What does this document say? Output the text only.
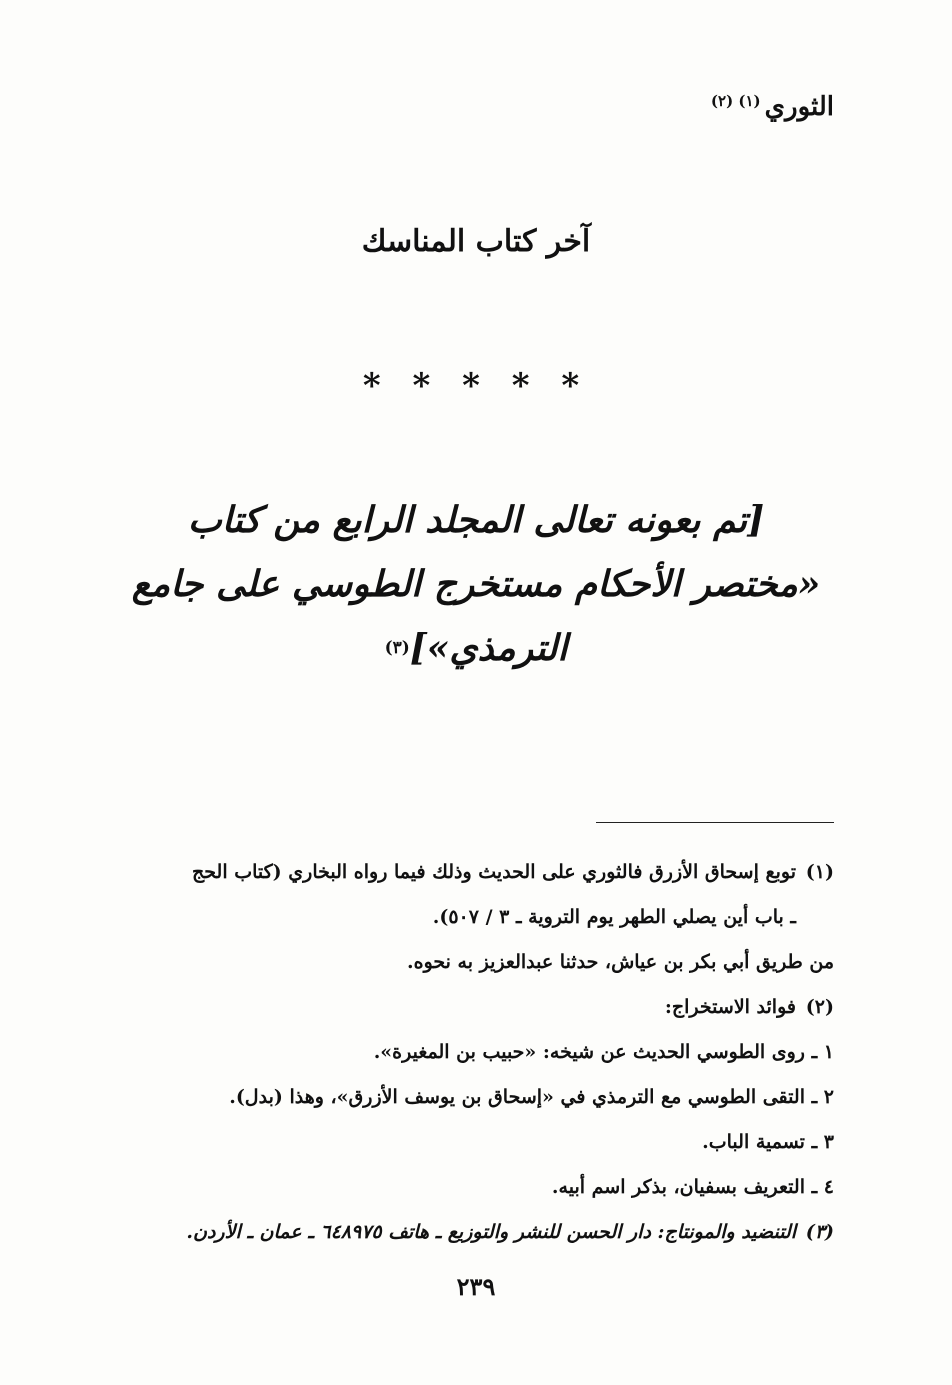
الثوري$^{(١) (٢)}$
آخر كتاب المناسك
* * * * *
[تم بعونه تعالى المجلد الرابع من كتاب
«مختصر الأحكام مستخرج الطوسي على جامع الترمذي»]$^{(٣)}$
(١)توبع إسحاق الأزرق فالثوري على الحديث وذلك فيما رواه البخاري (كتاب الحج
ـ باب أين يصلي الطهر يوم التروية ـ ٣ / ٥٠٧).
من طريق أبي بكر بن عياش، حدثنا عبدالعزيز به نحوه.
(٢)فوائد الاستخراج:
١ ـ روى الطوسي الحديث عن شيخه: «حبيب بن المغيرة».
٢ ـ التقى الطوسي مع الترمذي في «إسحاق بن يوسف الأزرق»، وهذا (بدل).
٣ ـ تسمية الباب.
٤ ـ التعريف بسفيان، بذكر اسم أبيه.
(٣)التنضيد والمونتاج: دار الحسن للنشر والتوزيع ـ هاتف ٦٤٨٩٧٥ ـ عمان ـ الأردن.
٢٣٩
